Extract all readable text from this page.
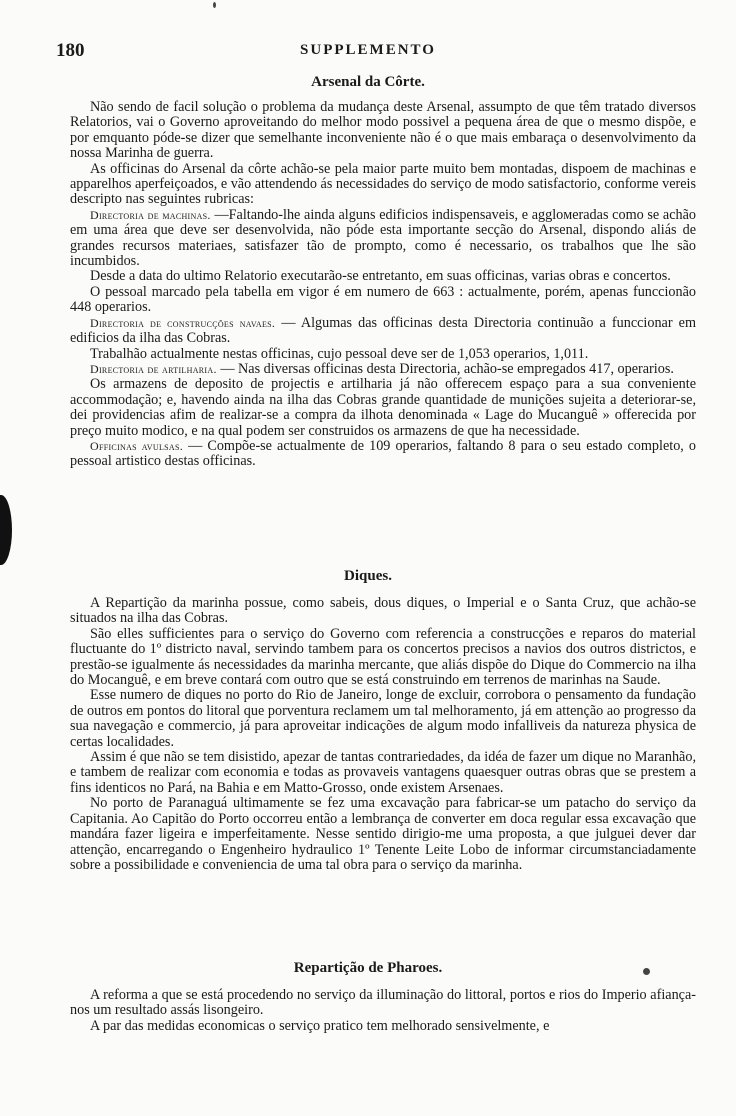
180	SUPPLEMENTO
Arsenal da Côrte.

Não sendo de facil solução o problema da mudança deste Arsenal, assumpto de que têm tratado diversos Relatorios, vai o Governo aproveitando do melhor modo possivel a pequena área de que o mesmo dispõe, e por emquanto póde-se dizer que semelhante inconveniente não é o que mais embaraça o desenvolvimento da nossa Marinha de guerra.

As officinas do Arsenal da côrte achão-se pela maior parte muito bem montadas, dispoem de machinas e apparelhos aperfeiçoados, e vão attendendo ás necessidades do serviço de modo satisfactorio, conforme vereis descripto nas seguintes rubricas:

Directoria de machinas. —Faltando-lhe ainda alguns edificios indispensaveis, e aggloмeradas como se achão em uma área que deve ser desenvolvida, não póde esta importante secção do Arsenal, dispondo aliás de grandes recursos materiaes, satisfazer tão de prompto, como é necessario, os trabalhos que lhe são incumbidos.

Desde a data do ultimo Relatorio executarão-se entretanto, em suas officinas, varias obras e concertos.

O pessoal marcado pela tabella em vigor é em numero de 663 : actualmente, porém, apenas funccionão 448 operarios.

Directoria de construcções navaes. — Algumas das officinas desta Directoria continuão a funccionar em edificios da ilha das Cobras.

Trabalhão actualmente nestas officinas, cujo pessoal deve ser de 1,053 operarios, 1,011.

Directoria de artilharia. — Nas diversas officinas desta Directoria, achão-se empregados 417, operarios.

Os armazens de deposito de projectis e artilharia já não offerecem espaço para a sua conveniente accommodação; e, havendo ainda na ilha das Cobras grande quantidade de munições sujeita a deteriorar-se, dei providencias afim de realizar-se a compra da ilhota denominada « Lage do Mucanguê » offerecida por preço muito modico, e na qual podem ser construidos os armazens de que ha necessidade.

Officinas avulsas. — Compõe-se actualmente de 109 operarios, faltando 8 para o seu estado completo, o pessoal artistico destas officinas.

Diques.

A Repartição da marinha possue, como sabeis, dous diques, o Imperial e o Santa Cruz, que achão-se situados na ilha das Cobras.

São elles sufficientes para o serviço do Governo com referencia a construcções e reparos do material fluctuante do 1º districto naval, servindo tambem para os concertos precisos a navios dos outros districtos, e prestão-se igualmente ás necessidades da marinha mercante, que aliás dispõe do Dique do Commercio na ilha do Mocanguê, e em breve contará com outro que se está construindo em terrenos de marinhas na Saude.

Esse numero de diques no porto do Rio de Janeiro, longe de excluir, corrobora o pensamento da fundação de outros em pontos do litoral que porventura reclamem um tal melhoramento, já em attenção ao progresso da sua navegação e commercio, já para aproveitar indicações de algum modo infalliveis da natureza physica de certas localidades.

Assim é que não se tem disistido, apezar de tantas contrariedades, da idéa de fazer um dique no Maranhão, e tambem de realizar com economia e todas as provaveis vantagens quaesquer outras obras que se prestem a fins identicos no Pará, na Bahia e em Matto-Grosso, onde existem Arsenaes.

No porto de Paranaguá ultimamente se fez uma excavação para fabricar-se um patacho do serviço da Capitania. Ao Capitão do Porto occorreu então a lembrança de converter em doca regular essa excavação que mandára fazer ligeira e imperfeitamente. Nesse sentido dirigio-me uma proposta, a que julguei dever dar attenção, encarregando o Engenheiro hydraulico 1º Tenente Leite Lobo de informar circumstanciadamente sobre a possibilidade e conveniencia de uma tal obra para o serviço da marinha.

Repartição de Pharoes.

A reforma a que se está procedendo no serviço da illuminação do littoral, portos e rios do Imperio afiança-nos um resultado assás lisongeiro.

A par das medidas economicas o serviço pratico tem melhorado sensivelmente, e
